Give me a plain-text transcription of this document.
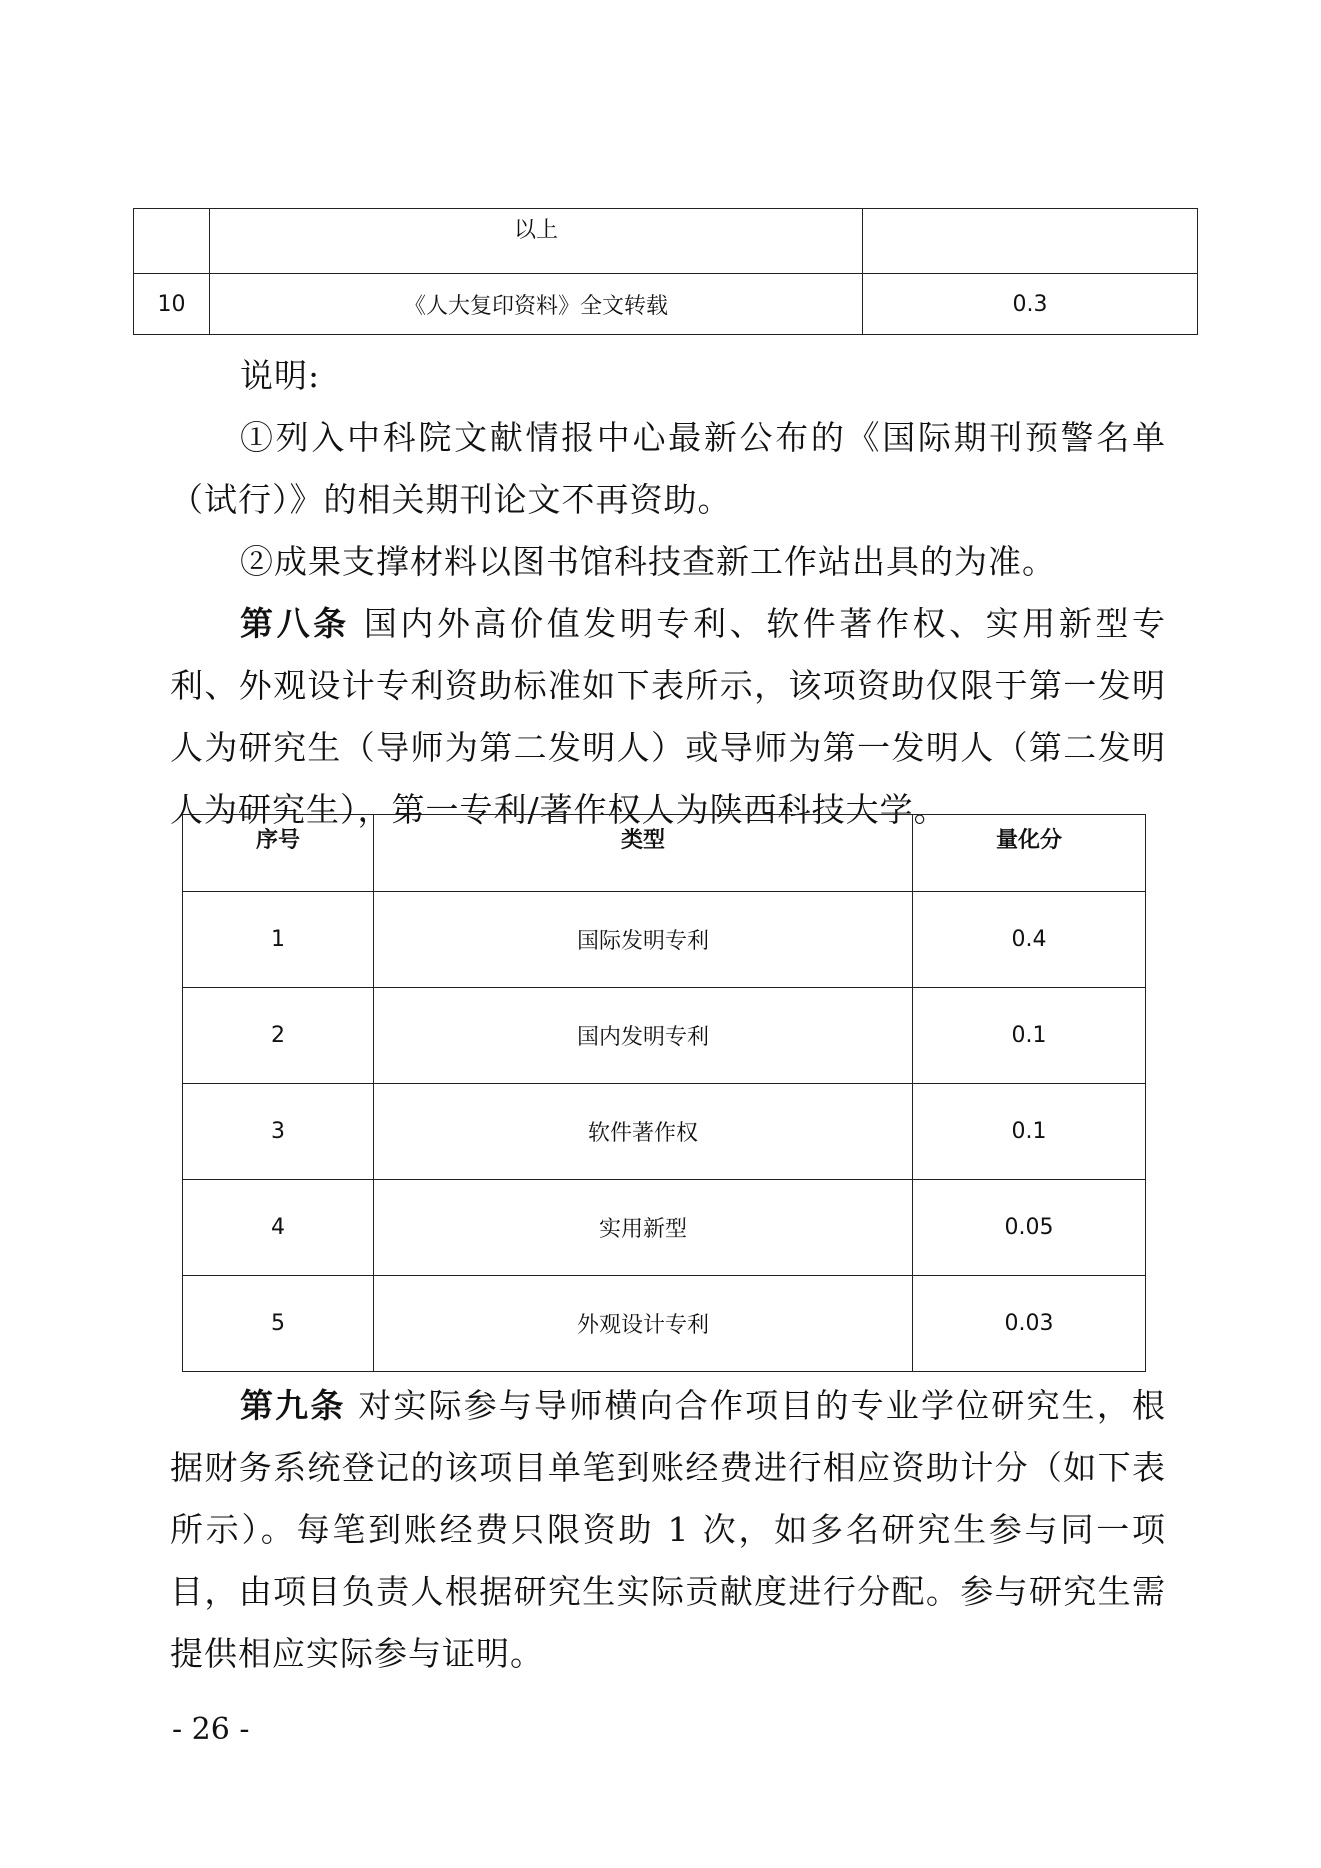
	以上	
10	《人大复印资料》全文转载	0.3

说明:

①列入中科院文献情报中心最新公布的《国际期刊预警名单（试行）》的相关期刊论文不再资助。

②成果支撑材料以图书馆科技查新工作站出具的为准。

第八条 国内外高价值发明专利、软件著作权、实用新型专利、外观设计专利资助标准如下表所示，该项资助仅限于第一发明人为研究生（导师为第二发明人）或导师为第一发明人（第二发明人为研究生），第一专利/著作权人为陕西科技大学。

序号	类型	量化分
1	国际发明专利	0.4
2	国内发明专利	0.1
3	软件著作权	0.1
4	实用新型	0.05
5	外观设计专利	0.03

第九条 对实际参与导师横向合作项目的专业学位研究生，根据财务系统登记的该项目单笔到账经费进行相应资助计分（如下表所示）。每笔到账经费只限资助 1 次，如多名研究生参与同一项目，由项目负责人根据研究生实际贡献度进行分配。参与研究生需提供相应实际参与证明。

- 26 -
